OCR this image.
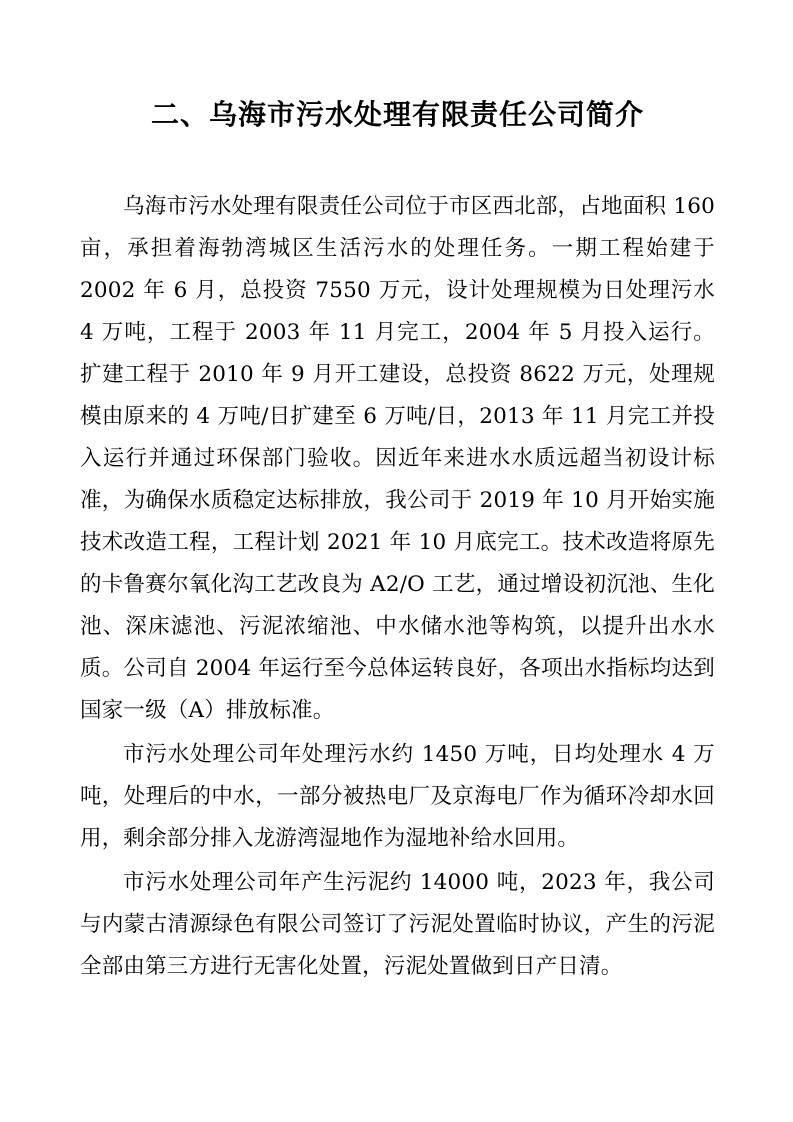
二、乌海市污水处理有限责任公司简介

乌海市污水处理有限责任公司位于市区西北部，占地面积 160 亩，承担着海勃湾城区生活污水的处理任务。一期工程始建于 2002 年 6 月，总投资 7550 万元，设计处理规模为日处理污水 4 万吨，工程于 2003 年 11 月完工，2004 年 5 月投入运行。扩建工程于 2010 年 9 月开工建设，总投资 8622 万元，处理规模由原来的 4 万吨/日扩建至 6 万吨/日，2013 年 11 月完工并投入运行并通过环保部门验收。因近年来进水水质远超当初设计标准，为确保水质稳定达标排放，我公司于 2019 年 10 月开始实施技术改造工程，工程计划 2021 年 10 月底完工。技术改造将原先的卡鲁赛尔氧化沟工艺改良为 A2/O 工艺，通过增设初沉池、生化池、深床滤池、污泥浓缩池、中水储水池等构筑，以提升出水水质。公司自 2004 年运行至今总体运转良好，各项出水指标均达到国家一级（A）排放标准。

市污水处理公司年处理污水约 1450 万吨，日均处理水 4 万吨，处理后的中水，一部分被热电厂及京海电厂作为循环冷却水回用，剩余部分排入龙游湾湿地作为湿地补给水回用。

市污水处理公司年产生污泥约 14000 吨，2023 年，我公司与内蒙古清源绿色有限公司签订了污泥处置临时协议，产生的污泥全部由第三方进行无害化处置，污泥处置做到日产日清。
